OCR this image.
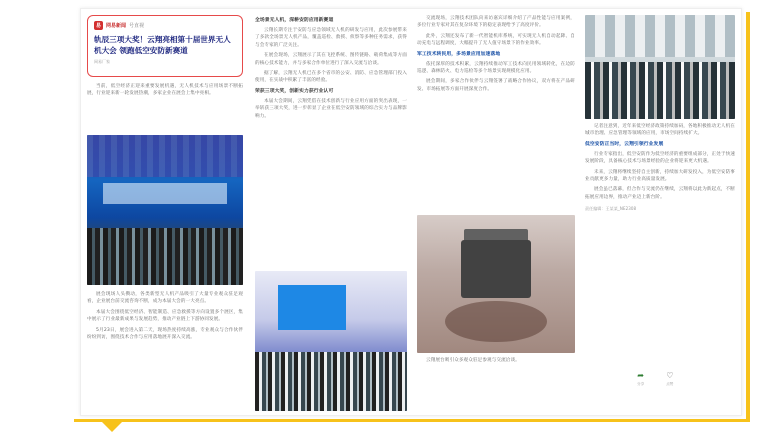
易	网易新闻 号直视
轨辰三项大奖！云翔亮相第十届世界无人机大会 领跑低空安防新赛道
网易厂家

当前，低空经济正迎来重要发展机遇，无人机技术与应用场景不断拓展，行业迎来新一轮发展热潮，多家企业在展会上集中亮相。

展会现场人头攒动，各类新型无人机产品吸引了大量专业观众驻足观看，企业展台前交流咨询不断，成为本届大会的一大亮点。

本届大会围绕低空经济、智能制造、应急救援等方向设置多个展区，集中展示了行业最新成果与发展趋势，推动产业链上下游协同发展。

5月23日，展会进入第二天，现场热度持续高涨，专业观众与合作伙伴纷纷到访，围绕技术合作与应用落地展开深入交流。

全场景无人机，深耕安防应用新赛道

云翔长期专注于安防与应急领域无人机的研发与应用，此次参展带来了多款全场景无人机产品，覆盖巡检、救援、侦察等多种任务需求，获得与会专家的广泛关注。

在展会现场，云翔展示了其在飞控系统、图传链路、载荷集成等方面的核心技术能力，并与多家合作单位进行了深入交流与洽谈。

据了解，云翔无人机已在多个省市的公安、消防、应急管理部门投入使用，在实战中积累了丰富的经验。

荣获三项大奖，创新实力获行业认可

本届大会期间，云翔凭借在技术创新与行业应用方面的突出表现，一举斩获三项大奖，进一步彰显了企业在低空安防领域的综合实力与品牌影响力。

交流现场，云翔技术团队向来访嘉宾详细介绍了产品性能与应用案例，多位行业专家对其在复杂环境下的稳定表现给予了高度评价。

此外，云翔还发布了新一代智能机库系统，可实现无人机自动起降、自动充电与远程调度，大幅提升了无人值守场景下的作业效率。

军工技术转民用，多场景应用加速落地

依托深厚的技术积累，云翔持续推动军工技术向民用领域转化，在边防巡逻、森林防火、电力巡检等多个场景实现规模化应用。

展会期间，多家合作伙伴与云翔签署了战略合作协议，双方将在产品研发、市场拓展等方面开展深度合作。

云翔展台吸引众多观众驻足参观与交流洽谈。

记者注意到，近年来低空经济政策持续加码，各地积极推动无人机在城市治理、应急管理等领域的应用，市场空间持续扩大。

低空安防正当时，云翔引领行业发展

行业专家指出，低空安防作为低空经济的重要组成部分，正处于快速发展阶段，具备核心技术与场景经验的企业将迎来更大机遇。

未来，云翔将继续坚持自主创新，持续加大研发投入，为低空安防事业贡献更多力量，助力行业高质量发展。

展会虽已落幕，但合作与交流仍在继续，云翔将以此为新起点，不断拓展应用边界，推动产业迈上新台阶。

责任编辑：王某某_NE2308
➦
分享
♡
点赞
